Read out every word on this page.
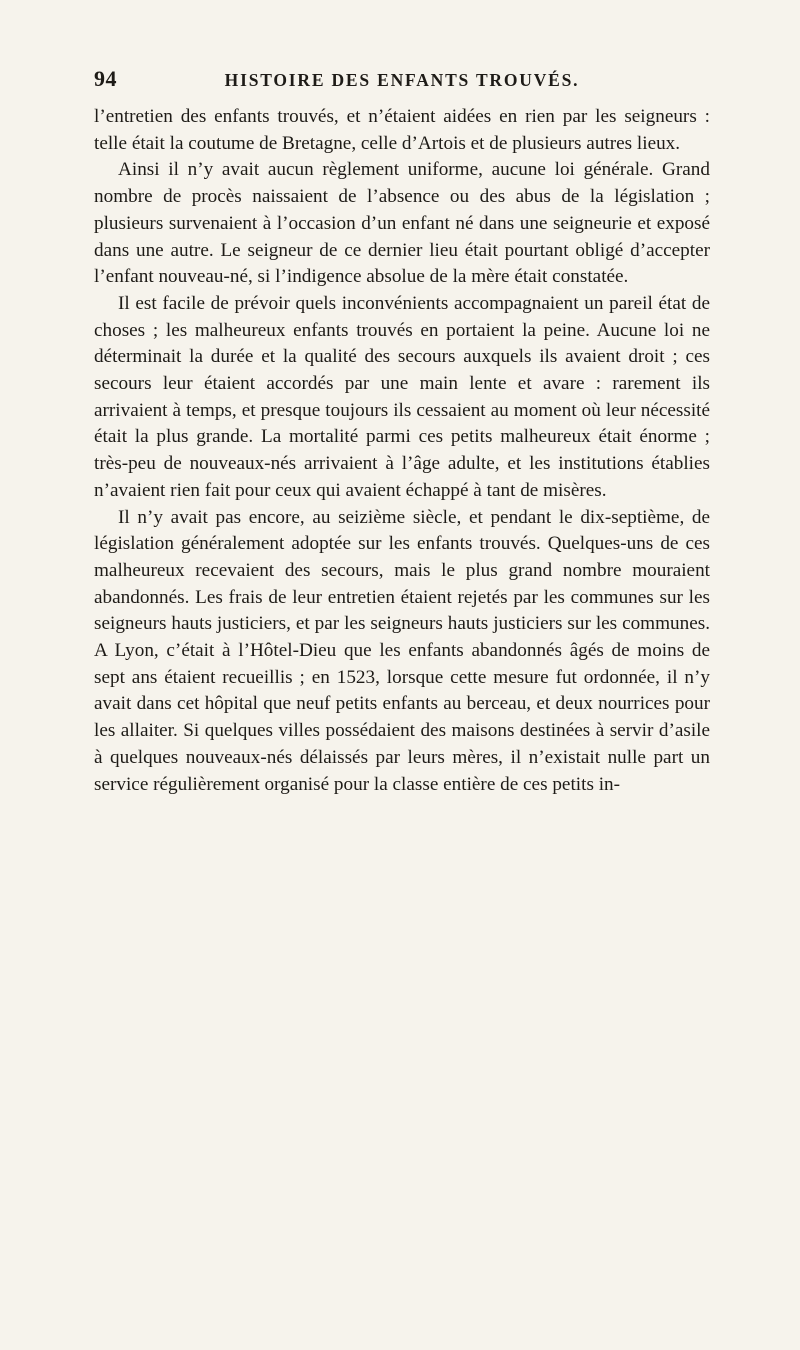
94	HISTOIRE DES ENFANTS TROUVÉS.

l’entretien des enfants trouvés, et n’étaient aidées en rien par les seigneurs : telle était la coutume de Bretagne, celle d’Artois et de plusieurs autres lieux.

Ainsi il n’y avait aucun règlement uniforme, aucune loi générale. Grand nombre de procès naissaient de l’absence ou des abus de la législation ; plusieurs survenaient à l’occasion d’un enfant né dans une seigneurie et exposé dans une autre. Le seigneur de ce dernier lieu était pourtant obligé d’accepter l’enfant nouveau-né, si l’indigence absolue de la mère était constatée.

Il est facile de prévoir quels inconvénients accompagnaient un pareil état de choses ; les malheureux enfants trouvés en portaient la peine. Aucune loi ne déterminait la durée et la qualité des secours auxquels ils avaient droit ; ces secours leur étaient accordés par une main lente et avare : rarement ils arrivaient à temps, et presque toujours ils cessaient au moment où leur nécessité était la plus grande. La mortalité parmi ces petits malheureux était énorme ; très-peu de nouveaux-nés arrivaient à l’âge adulte, et les institutions établies n’avaient rien fait pour ceux qui avaient échappé à tant de misères.

Il n’y avait pas encore, au seizième siècle, et pendant le dix-septième, de législation généralement adoptée sur les enfants trouvés. Quelques-uns de ces malheureux recevaient des secours, mais le plus grand nombre mouraient abandonnés. Les frais de leur entretien étaient rejetés par les communes sur les seigneurs hauts justiciers, et par les seigneurs hauts justiciers sur les communes. A Lyon, c’était à l’Hôtel-Dieu que les enfants abandonnés âgés de moins de sept ans étaient recueillis ; en 1523, lorsque cette mesure fut ordonnée, il n’y avait dans cet hôpital que neuf petits enfants au berceau, et deux nourrices pour les allaiter. Si quelques villes possédaient des maisons destinées à servir d’asile à quelques nouveaux-nés délaissés par leurs mères, il n’existait nulle part un service régulièrement organisé pour la classe entière de ces petits in-
